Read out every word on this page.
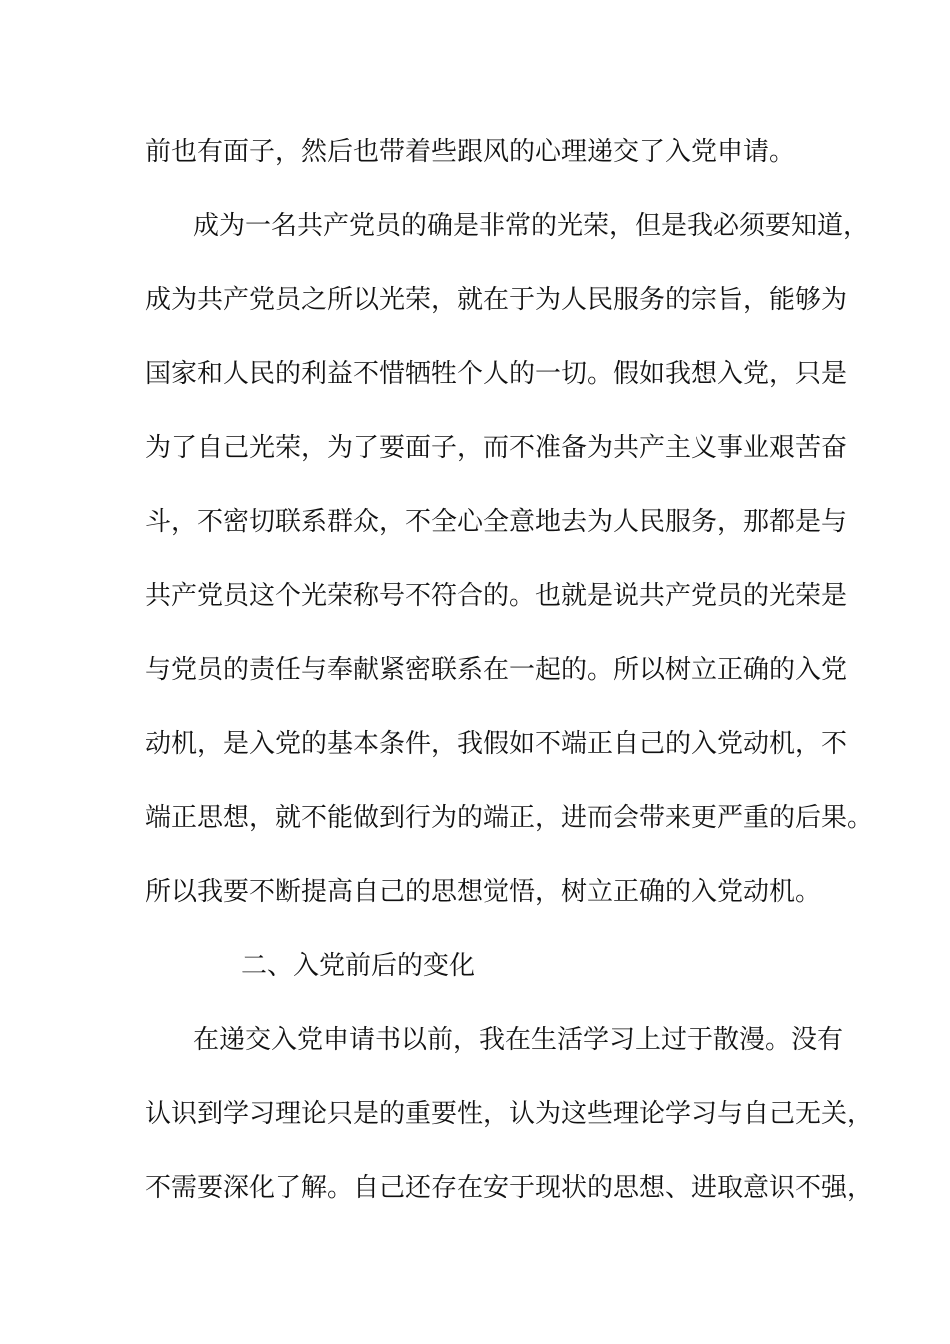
前也有面子，然后也带着些跟风的心理递交了入党申请。
成为一名共产党员的确是非常的光荣，但是我必须要知道，
成为共产党员之所以光荣，就在于为人民服务的宗旨，能够为
国家和人民的利益不惜牺牲个人的一切。假如我想入党，只是
为了自己光荣，为了要面子，而不准备为共产主义事业艰苦奋
斗，不密切联系群众，不全心全意地去为人民服务，那都是与
共产党员这个光荣称号不符合的。也就是说共产党员的光荣是
与党员的责任与奉献紧密联系在一起的。所以树立正确的入党
动机，是入党的基本条件，我假如不端正自己的入党动机，不
端正思想，就不能做到行为的端正，进而会带来更严重的后果。
所以我要不断提高自己的思想觉悟，树立正确的入党动机。
二、入党前后的变化
在递交入党申请书以前，我在生活学习上过于散漫。没有
认识到学习理论只是的重要性，认为这些理论学习与自己无关，
不需要深化了解。自己还存在安于现状的思想、进取意识不强，
